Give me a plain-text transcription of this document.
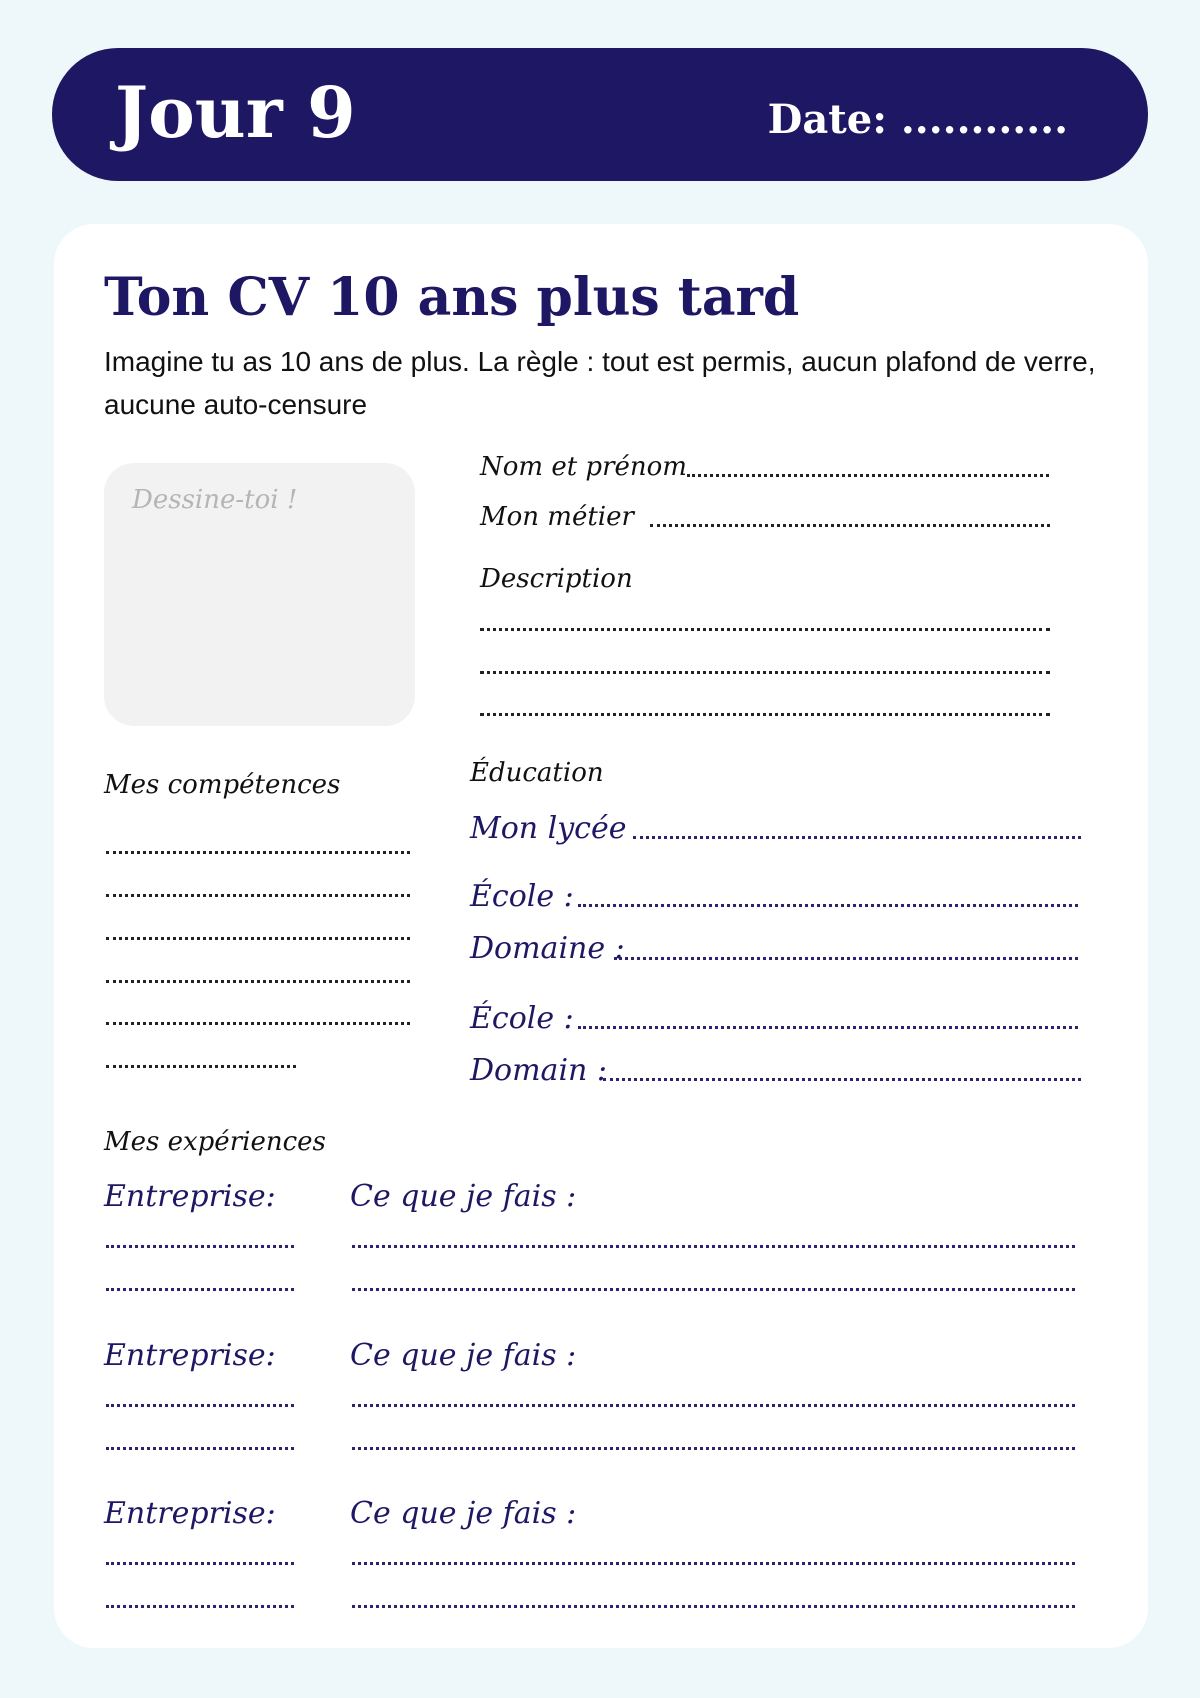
Jour 9	Date: ............
Ton CV 10 ans plus tard

Imagine tu as 10 ans de plus. La règle : tout est permis, aucun plafond de verre, aucune auto-censure

Dessine-toi !
Nom et prénom
Mon métier
Description
Mes compétences	Éducation
Mon lycée
École :
Domaine :
École :
Domain :
Mes expériences
Entreprise: Ce que je fais :
Entreprise: Ce que je fais :
Entreprise: Ce que je fais :
